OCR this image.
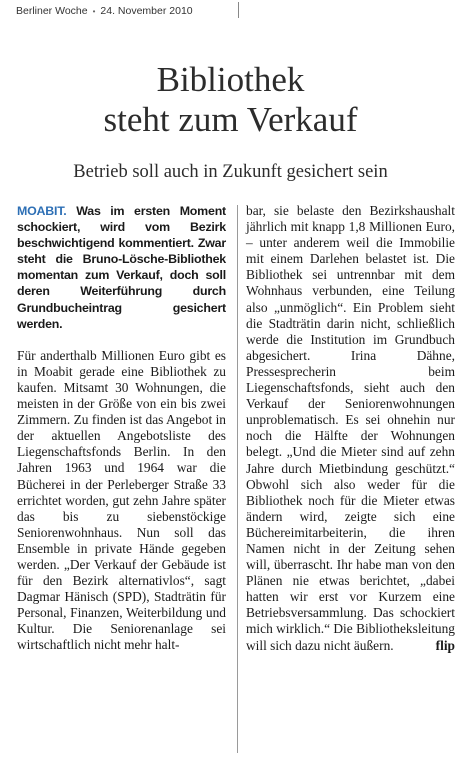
Berliner Woche • 24. November 2010
Bibliothek
steht zum Verkauf
Betrieb soll auch in Zukunft gesichert sein
MOABIT. Was im ersten Moment schockiert, wird vom Bezirk beschwichtigend kommentiert. Zwar steht die Bruno-Lösche-Bibliothek momentan zum Verkauf, doch soll deren Weiterführung durch Grundbucheintrag gesichert werden.

Für anderthalb Millionen Euro gibt es in Moabit gerade eine Bibliothek zu kaufen. Mitsamt 30 Wohnungen, die meisten in der Größe von ein bis zwei Zimmern. Zu finden ist das Angebot in der aktuellen Angebotsliste des Liegenschaftsfonds Berlin. In den Jahren 1963 und 1964 war die Bücherei in der Perleberger Straße 33 errichtet worden, gut zehn Jahre später das bis zu siebenstöckige Seniorenwohnhaus. Nun soll das Ensemble in private Hände gegeben werden. „Der Verkauf der Gebäude ist für den Bezirk alternativlos“, sagt Dagmar Hänisch (SPD), Stadträtin für Personal, Finanzen, Weiterbildung und Kultur. Die Seniorenanlage sei wirtschaftlich nicht mehr halt-

bar, sie belaste den Bezirkshaushalt jährlich mit knapp 1,8 Millionen Euro, – unter anderem weil die Immobilie mit einem Darlehen belastet ist. Die Bibliothek sei untrennbar mit dem Wohnhaus verbunden, eine Teilung also „unmöglich“. Ein Problem sieht die Stadträtin darin nicht, schließlich werde die Institution im Grundbuch abgesichert. Irina Dähne, Pressesprecherin beim Liegenschaftsfonds, sieht auch den Verkauf der Seniorenwohnungen unproblematisch. Es sei ohnehin nur noch die Hälfte der Wohnungen belegt. „Und die Mieter sind auf zehn Jahre durch Mietbindung geschützt.“ Obwohl sich also weder für die Bibliothek noch für die Mieter etwas ändern wird, zeigte sich eine Büchereimitarbeiterin, die ihren Namen nicht in der Zeitung sehen will, überrascht. Ihr habe man von den Plänen nie etwas berichtet, „dabei hatten wir erst vor Kurzem eine Betriebsversammlung. Das schockiert mich wirklich.“ Die Bibliotheksleitung will sich dazu nicht äußern.	flip
